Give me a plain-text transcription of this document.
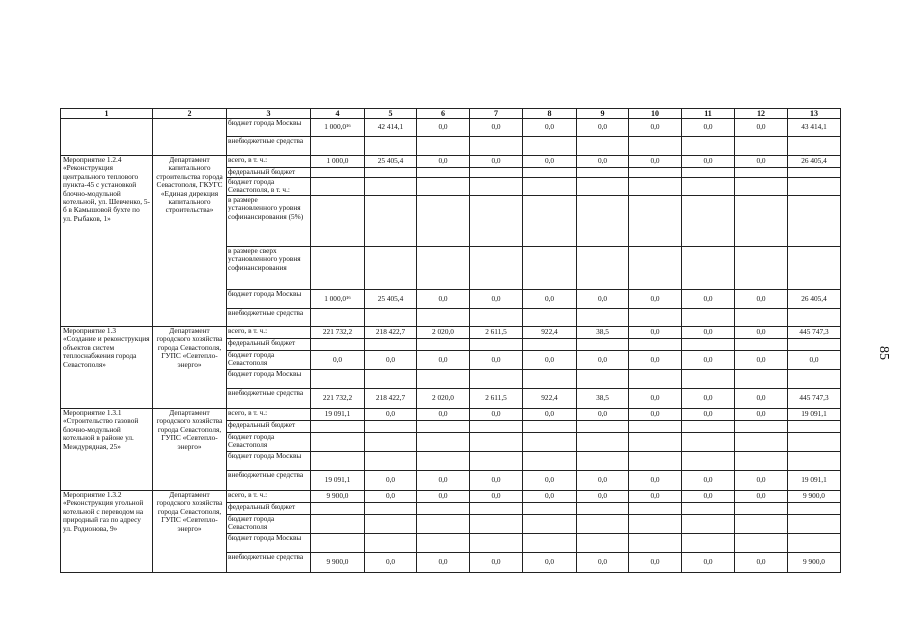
1	2	3	4	5	6	7	8	9	10	11	12	13
		бюджет города Москвы	1 000,0¹⁶	42 414,1	0,0	0,0	0,0	0,0	0,0	0,0	0,0	43 414,1
		внебюджетные средства										
Мероприятие 1.2.4 «Реконструкция центрального теплового пункта-45 с установкой блочно-модульной котельной, ул. Шевченко, 5-б в Камышовой бухте по ул. Рыбаков, 1»	Департамент капитального строительства города Севастополя, ГКУГС «Единая дирекция капитального строительства»	всего, в т. ч.:	1 000,0	25 405,4	0,0	0,0	0,0	0,0	0,0	0,0	0,0	26 405,4
		федеральный бюджет										
		бюджет города Севастополя, в т. ч.:										
		в размере установленного уровня софинансирования (5%)										
		в размере сверх установленного уровня софинансирования										
		бюджет города Москвы	1 000,0¹⁶	25 405,4	0,0	0,0	0,0	0,0	0,0	0,0	0,0	26 405,4
		внебюджетные средства										
Мероприятие 1.3 «Создание и реконструкция объектов систем теплоснабжения города Севастополя»	Департамент городского хозяйства города Севастополя, ГУПС «Севтепло-энерго»	всего, в т. ч.:	221 732,2	218 422,7	2 020,0	2 611,5	922,4	38,5	0,0	0,0	0,0	445 747,3
		федеральный бюджет										
		бюджет города Севастополя	0,0	0,0	0,0	0,0	0,0	0,0	0,0	0,0	0,0	0,0
		бюджет города Москвы										
		внебюджетные средства	221 732,2	218 422,7	2 020,0	2 611,5	922,4	38,5	0,0	0,0	0,0	445 747,3
Мероприятие 1.3.1 «Строительство газовой блочно-модульной котельной в районе ул. Междурядная, 25»	Департамент городского хозяйства города Севастополя, ГУПС «Севтепло-энерго»	всего, в т. ч.:	19 091,1	0,0	0,0	0,0	0,0	0,0	0,0	0,0	0,0	19 091,1
		федеральный бюджет										
		бюджет города Севастополя										
		бюджет города Москвы										
		внебюджетные средства	19 091,1	0,0	0,0	0,0	0,0	0,0	0,0	0,0	0,0	19 091,1
Мероприятие 1.3.2 «Реконструкция угольной котельной с переводом на природный газ по адресу ул. Родионова, 9»	Департамент городского хозяйства города Севастополя, ГУПС «Севтепло-энерго»	всего, в т. ч.:	9 900,0	0,0	0,0	0,0	0,0	0,0	0,0	0,0	0,0	9 900,0
		федеральный бюджет										
		бюджет города Севастополя										
		бюджет города Москвы										
		внебюджетные средства	9 900,0	0,0	0,0	0,0	0,0	0,0	0,0	0,0	0,0	9 900,0
85
